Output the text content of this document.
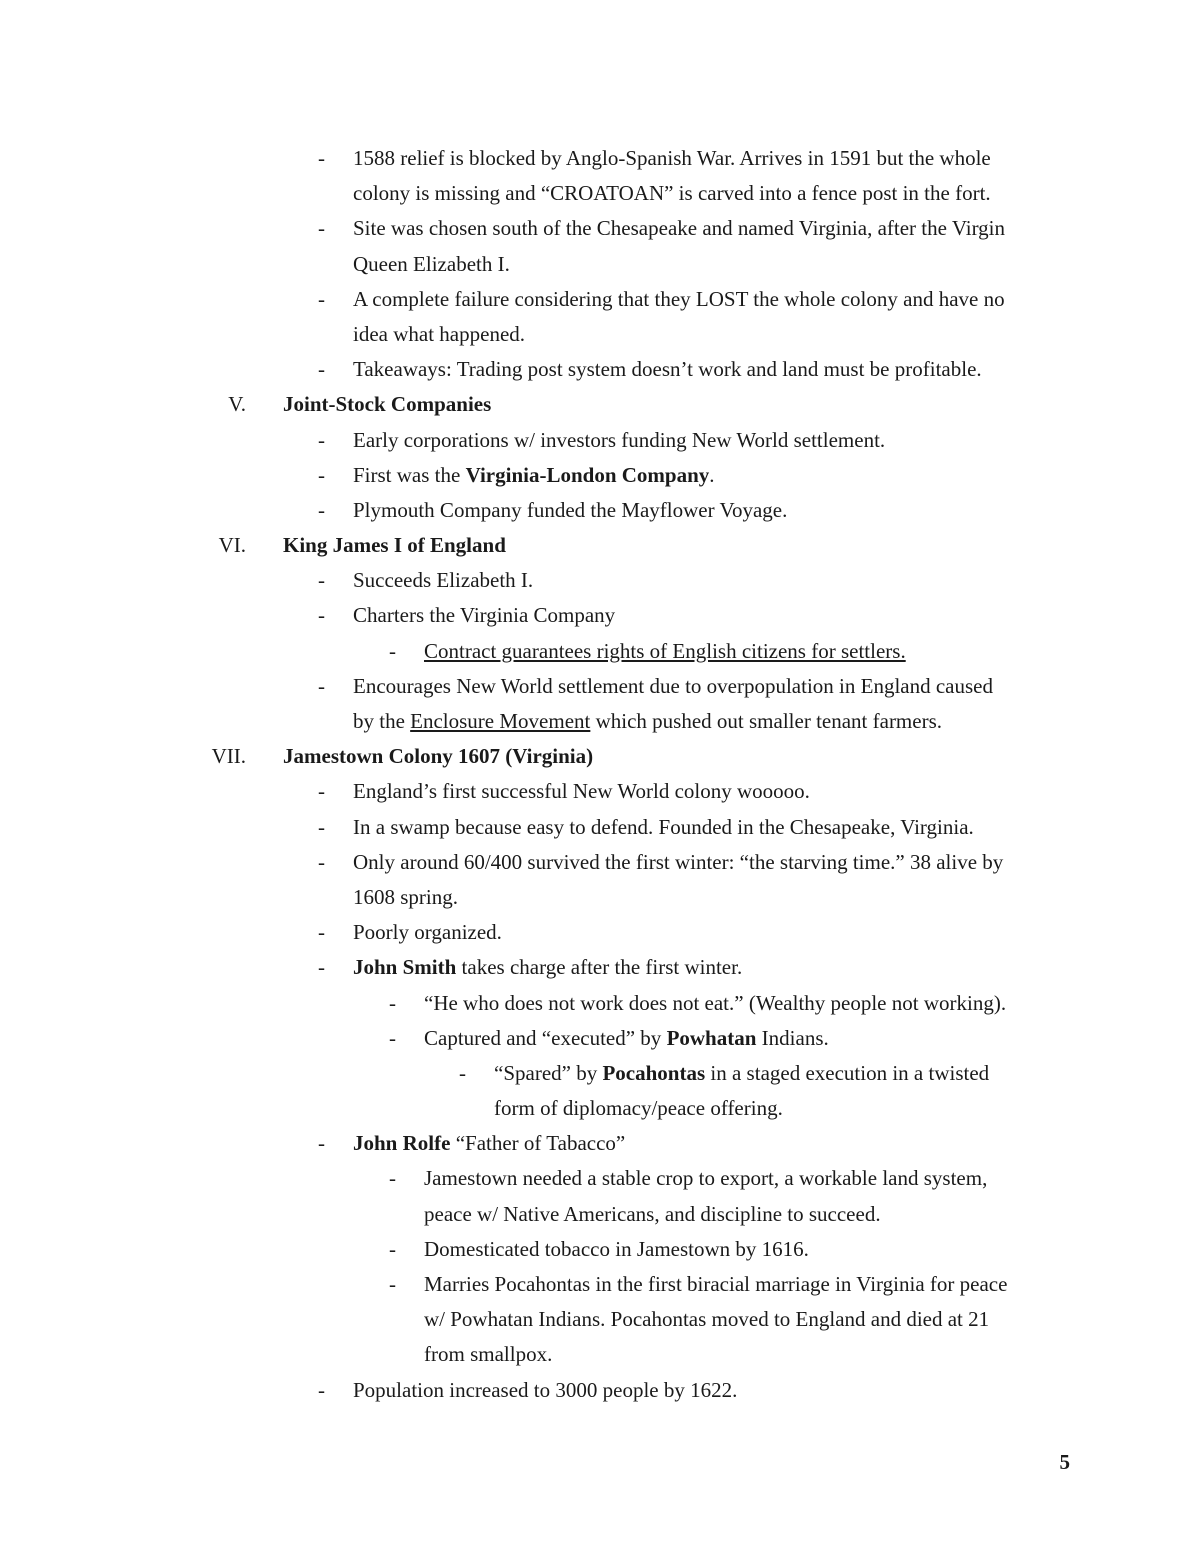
-	1588 relief is blocked by Anglo-Spanish War. Arrives in 1591 but the whole
colony is missing and “CROATOAN” is carved into a fence post in the fort.
-	Site was chosen south of the Chesapeake and named Virginia, after the Virgin
Queen Elizabeth I.
-	A complete failure considering that they LOST the whole colony and have no
idea what happened.
-	Takeaways: Trading post system doesn’t work and land must be profitable.
V. Joint-Stock Companies
-	Early corporations w/ investors funding New World settlement.
-	First was the Virginia-London Company.
-	Plymouth Company funded the Mayflower Voyage.
VI. King James I of England
-	Succeeds Elizabeth I.
-	Charters the Virginia Company
-	Contract guarantees rights of English citizens for settlers.
-	Encourages New World settlement due to overpopulation in England caused
by the Enclosure Movement which pushed out smaller tenant farmers.
VII. Jamestown Colony 1607 (Virginia)
-	England’s first successful New World colony wooooo.
-	In a swamp because easy to defend. Founded in the Chesapeake, Virginia.
-	Only around 60/400 survived the first winter: “the starving time.” 38 alive by
1608 spring.
-	Poorly organized.
-	John Smith takes charge after the first winter.
-	“He who does not work does not eat.” (Wealthy people not working).
-	Captured and “executed” by Powhatan Indians.
-	“Spared” by Pocahontas in a staged execution in a twisted
form of diplomacy/peace offering.
-	John Rolfe “Father of Tabacco”
-	Jamestown needed a stable crop to export, a workable land system,
peace w/ Native Americans, and discipline to succeed.
-	Domesticated tobacco in Jamestown by 1616.
-	Marries Pocahontas in the first biracial marriage in Virginia for peace
w/ Powhatan Indians. Pocahontas moved to England and died at 21
from smallpox.
-	Population increased to 3000 people by 1622.
5
